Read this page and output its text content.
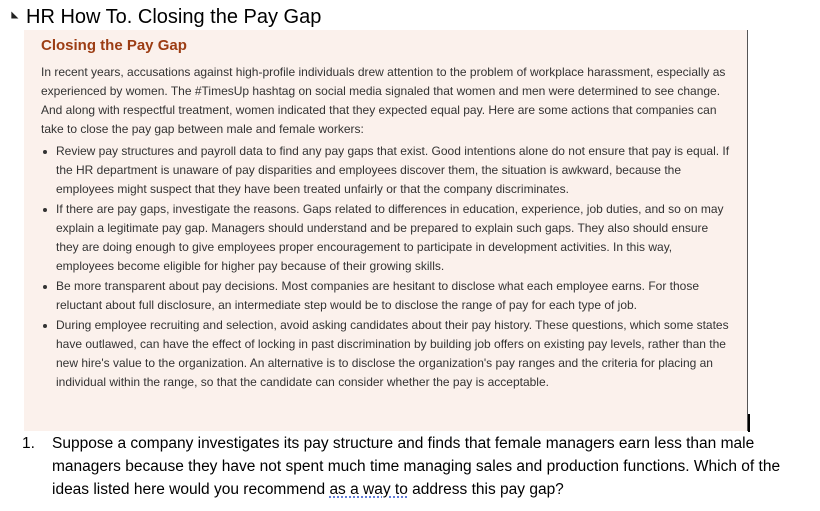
HR How To. Closing the Pay Gap
Closing the Pay Gap
In recent years, accusations against high-profile individuals drew attention to the problem of workplace harassment, especially as experienced by women. The #TimesUp hashtag on social media signaled that women and men were determined to see change. And along with respectful treatment, women indicated that they expected equal pay. Here are some actions that companies can take to close the pay gap between male and female workers:
Review pay structures and payroll data to find any pay gaps that exist. Good intentions alone do not ensure that pay is equal. If the HR department is unaware of pay disparities and employees discover them, the situation is awkward, because the employees might suspect that they have been treated unfairly or that the company discriminates.
If there are pay gaps, investigate the reasons. Gaps related to differences in education, experience, job duties, and so on may explain a legitimate pay gap. Managers should understand and be prepared to explain such gaps. They also should ensure they are doing enough to give employees proper encouragement to participate in development activities. In this way, employees become eligible for higher pay because of their growing skills.
Be more transparent about pay decisions. Most companies are hesitant to disclose what each employee earns. For those reluctant about full disclosure, an intermediate step would be to disclose the range of pay for each type of job.
During employee recruiting and selection, avoid asking candidates about their pay history. These questions, which some states have outlawed, can have the effect of locking in past discrimination by building job offers on existing pay levels, rather than the new hire's value to the organization. An alternative is to disclose the organization's pay ranges and the criteria for placing an individual within the range, so that the candidate can consider whether the pay is acceptable.
1.	Suppose a company investigates its pay structure and finds that female managers earn less than male managers because they have not spent much time managing sales and production functions. Which of the ideas listed here would you recommend as a way to address this pay gap?
